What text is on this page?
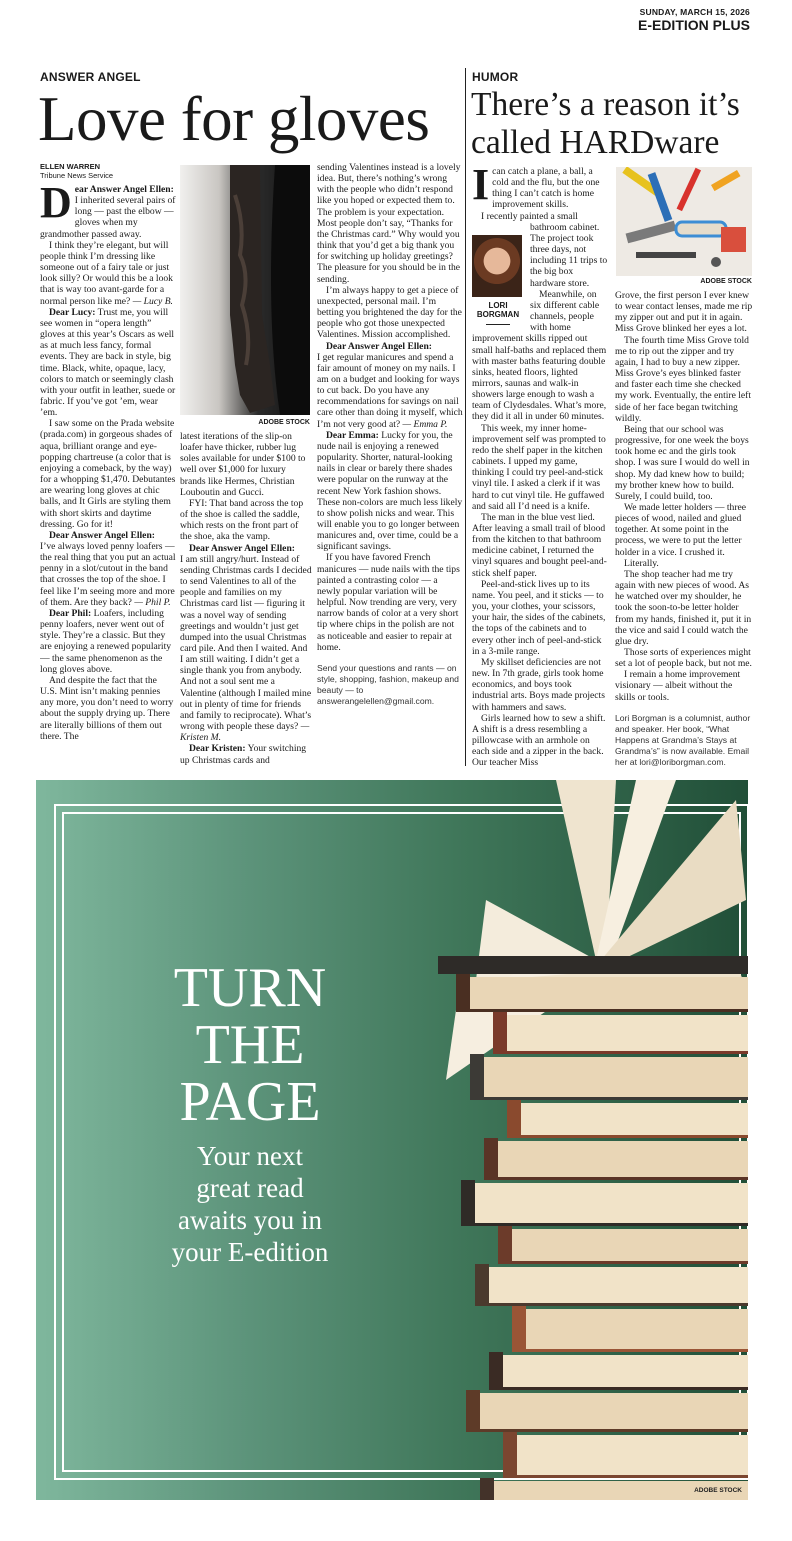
SUNDAY, MARCH 15, 2026
E-EDITION PLUS
ANSWER ANGEL
Love for gloves
ELLEN WARREN
Tribune News Service

Dear Answer Angel Ellen: I inherited several pairs of long — past the elbow — gloves when my grandmother passed away.

I think they’re elegant, but will people think I’m dressing like someone out of a fairy tale or just look silly? Or would this be a look that is way too avant-garde for a normal person like me? — Lucy B.

Dear Lucy: Trust me, you will see women in “opera length” gloves at this year’s Oscars as well as at much less fancy, formal events. They are back in style, big time. Black, white, opaque, lacy, colors to match or seemingly clash with your outfit in leather, suede or fabric. If you’ve got ’em, wear ’em.

I saw some on the Prada website (prada.com) in gorgeous shades of aqua, brilliant orange and eye-popping chartreuse (a color that is enjoying a comeback, by the way) for a whopping $1,470. Debutantes are wearing long gloves at chic balls, and It Girls are styling them with short skirts and daytime dressing. Go for it!

Dear Answer Angel Ellen:
I’ve always loved penny loafers — the real thing that you put an actual penny in a slot/cutout in the band that crosses the top of the shoe. I feel like I’m seeing more and more of them. Are they back? — Phil P.

Dear Phil: Loafers, including penny loafers, never went out of style. They’re a classic. But they are enjoying a renewed popularity — the same phenomenon as the long gloves above.

And despite the fact that the U.S. Mint isn’t making pennies any more, you don’t need to worry about the supply drying up. There are literally billions of them out there. The

ADOBE STOCK

latest iterations of the slip-on loafer have thicker, rubber lug soles available for under $100 to well over $1,000 for luxury brands like Hermes, Christian Louboutin and Gucci.

FYI: That band across the top of the shoe is called the saddle, which rests on the front part of the shoe, aka the vamp.

Dear Answer Angel Ellen:
I am still angry/hurt. Instead of sending Christmas cards I decided to send Valentines to all of the people and families on my Christmas card list — figuring it was a novel way of sending greetings and wouldn’t just get dumped into the usual Christmas card pile. And then I waited. And I am still waiting. I didn’t get a single thank you from anybody. And not a soul sent me a Valentine (although I mailed mine out in plenty of time for friends and family to reciprocate). What’s wrong with people these days? — Kristen M.

Dear Kristen: Your switching up Christmas cards and

sending Valentines instead is a lovely idea. But, there’s nothing’s wrong with the people who didn’t respond like you hoped or expected them to. The problem is your expectation. Most people don’t say, “Thanks for the Christmas card.” Why would you think that you’d get a big thank you for switching up holiday greetings? The pleasure for you should be in the sending.

I’m always happy to get a piece of unexpected, personal mail. I’m betting you brightened the day for the people who got those unexpected Valentines. Mission accomplished.

Dear Answer Angel Ellen:
I get regular manicures and spend a fair amount of money on my nails. I am on a budget and looking for ways to cut back. Do you have any recommendations for savings on nail care other than doing it myself, which I’m not very good at? — Emma P.

Dear Emma: Lucky for you, the nude nail is enjoying a renewed popularity. Shorter, natural-looking nails in clear or barely there shades were popular on the runway at the recent New York fashion shows. These non-colors are much less likely to show polish nicks and wear. This will enable you to go longer between manicures and, over time, could be a significant savings.

If you have favored French manicures — nude nails with the tips painted a contrasting color — a newly popular variation will be helpful. Now trending are very, very narrow bands of color at a very short tip where chips in the polish are not as noticeable and easier to repair at home.

Send your questions and rants — on style, shopping, fashion, makeup and beauty — to answerangelellen@gmail.com.
HUMOR
There’s a reason it’s
called HARDware

I can catch a plane, a ball, a cold and the flu, but the one thing I can’t catch is home improvement skills.

LORI
BORGMAN

I recently painted a small bathroom cabinet. The project took three days, not including 11 trips to the big box hardware store.

Meanwhile, on six different cable channels, people with home improvement skills ripped out small half-baths and replaced them with master baths featuring double sinks, heated floors, lighted mirrors, saunas and walk-in showers large enough to wash a team of Clydesdales. What’s more, they did it all in under 60 minutes.

This week, my inner home-improvement self was prompted to redo the shelf paper in the kitchen cabinets. I upped my game, thinking I could try peel-and-stick vinyl tile. I asked a clerk if it was hard to cut vinyl tile. He guffawed and said all I’d need is a knife.

The man in the blue vest lied. After leaving a small trail of blood from the kitchen to that bathroom medicine cabinet, I returned the vinyl squares and bought peel-and-stick shelf paper.

Peel-and-stick lives up to its name. You peel, and it sticks — to you, your clothes, your scissors, your hair, the sides of the cabinets, the tops of the cabinets and to every other inch of peel-and-stick in a 3-mile range.

My skillset deficiencies are not new. In 7th grade, girls took home economics, and boys took industrial arts. Boys made projects with hammers and saws.

Girls learned how to sew a shift. A shift is a dress resembling a pillowcase with an armhole on each side and a zipper in the back. Our teacher Miss

ADOBE STOCK

Grove, the first person I ever knew to wear contact lenses, made me rip my zipper out and put it in again. Miss Grove blinked her eyes a lot.

The fourth time Miss Grove told me to rip out the zipper and try again, I had to buy a new zipper. Miss Grove’s eyes blinked faster and faster each time she checked my work. Eventually, the entire left side of her face began twitching wildly.

Being that our school was progressive, for one week the boys took home ec and the girls took shop. I was sure I would do well in shop. My dad knew how to build; my brother knew how to build. Surely, I could build, too.

We made letter holders — three pieces of wood, nailed and glued together. At some point in the process, we were to put the letter holder in a vice. I crushed it.

Literally.

The shop teacher had me try again with new pieces of wood. As he watched over my shoulder, he took the soon-to-be letter holder from my hands, finished it, put it in the vice and said I could watch the glue dry.

Those sorts of experiences might set a lot of people back, but not me.

I remain a home improvement visionary — albeit without the skills or tools.

Lori Borgman is a columnist, author and speaker. Her book, “What Happens at Grandma’s Stays at Grandma’s” is now available. Email her at lori@loriborgman.com.
TURN
THE
PAGE
Your next
great read
awaits you in
your E-edition
ADOBE STOCK
